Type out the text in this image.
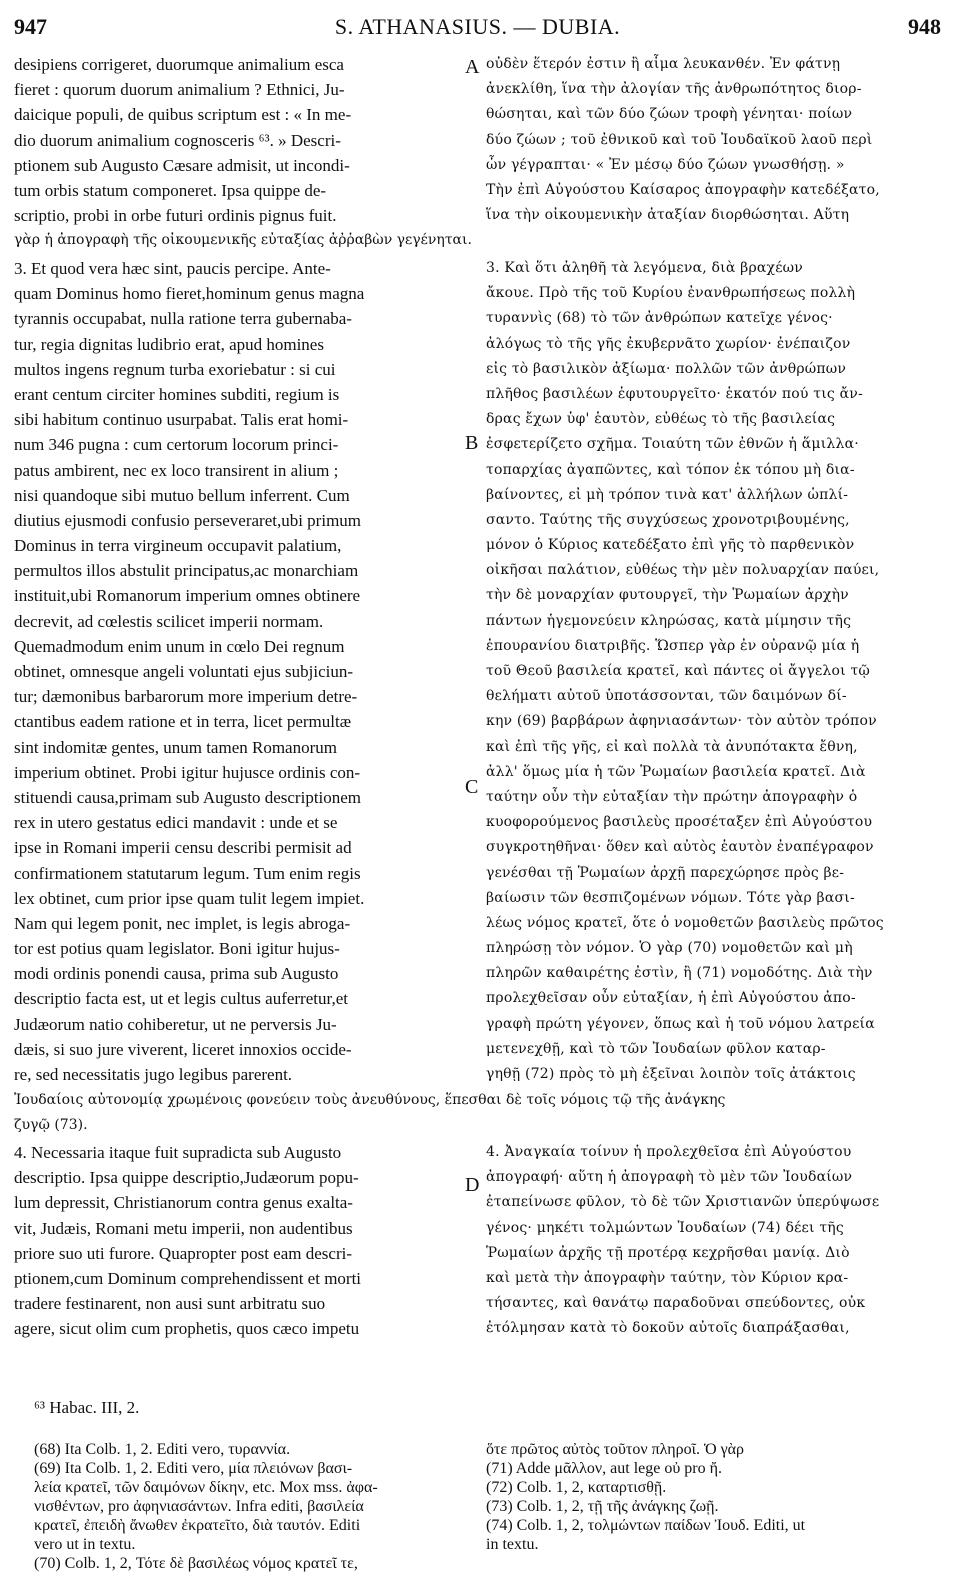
947	S. ATHANASIUS. — DUBIA.	948
A
B
C
D
desipiens corrigeret, duorumque animalium esca
fieret : quorum duorum animalium ? Ethnici, Ju-
daicique populi, de quibus scriptum est : « In me-
dio duorum animalium cognosceris ⁶³. » Descri-
ptionem sub Augusto Cæsare admisit, ut incondi-
tum orbis statum componeret. Ipsa quippe de-
scriptio, probi in orbe futuri ordinis pignus fuit.
οὐδὲν ἕτερόν ἐστιν ἢ αἷμα λευκανθέν. Ἐν φάτνῃ
ἀνεκλίθη, ἵνα τὴν ἀλογίαν τῆς ἀνθρωπότητος διορ-
θώσηται, καὶ τῶν δύο ζώων τροφὴ γένηται· ποίων
δύο ζώων ; τοῦ ἐθνικοῦ καὶ τοῦ Ἰουδαϊκοῦ λαοῦ περὶ
ὧν γέγραπται· « Ἐν μέσῳ δύο ζώων γνωσθήσῃ. »
Τὴν ἐπὶ Αὐγούστου Καίσαρος ἀπογραφὴν κατεδέξατο,
ἵνα τὴν οἰκουμενικὴν ἀταξίαν διορθώσηται. Αὕτη
γὰρ ἡ ἀπογραφὴ τῆς οἰκουμενικῆς εὐταξίας ἀῤῥαβὼν γεγένηται.
3. Et quod vera hæc sint, paucis percipe. Ante-
quam Dominus homo fieret,hominum genus magna
tyrannis occupabat, nulla ratione terra gubernaba-
tur, regia dignitas ludibrio erat, apud homines
multos ingens regnum turba exoriebatur : si cui
erant centum circiter homines subditi, regium is
sibi habitum continuo usurpabat. Talis erat homi-
num 346 pugna : cum certorum locorum princi-
patus ambirent, nec ex loco transirent in alium ;
nisi quandoque sibi mutuo bellum inferrent. Cum
diutius ejusmodi confusio perseveraret,ubi primum
Dominus in terra virgineum occupavit palatium,
permultos illos abstulit principatus,ac monarchiam
instituit,ubi Romanorum imperium omnes obtinere
decrevit, ad cœlestis scilicet imperii normam.
Quemadmodum enim unum in cœlo Dei regnum
obtinet, omnesque angeli voluntati ejus subjiciun-
tur; dæmonibus barbarorum more imperium detre-
ctantibus eadem ratione et in terra, licet permultæ
sint indomitæ gentes, unum tamen Romanorum
imperium obtinet. Probi igitur hujusce ordinis con-
stituendi causa,primam sub Augusto descriptionem
rex in utero gestatus edici mandavit : unde et se
ipse in Romani imperii censu describi permisit ad
confirmationem statutarum legum. Tum enim regis
lex obtinet, cum prior ipse quam tulit legem impiet.
Nam qui legem ponit, nec implet, is legis abroga-
tor est potius quam legislator. Boni igitur hujus-
modi ordinis ponendi causa, prima sub Augusto
descriptio facta est, ut et legis cultus auferretur,et
Judæorum natio cohiberetur, ut ne perversis Ju-
dæis, si suo jure viverent, liceret innoxios occide-
re, sed necessitatis jugo legibus parerent.
3. Καὶ ὅτι ἀληθῆ τὰ λεγόμενα, διὰ βραχέων
ἄκουε. Πρὸ τῆς τοῦ Κυρίου ἐνανθρωπήσεως πολλὴ
τυραννὶς (68) τὸ τῶν ἀνθρώπων κατεῖχε γένος·
ἀλόγως τὸ τῆς γῆς ἐκυβερνᾶτο χωρίον· ἐνέπαιζον
εἰς τὸ βασιλικὸν ἀξίωμα· πολλῶν τῶν ἀνθρώπων
πλῆθος βασιλέων ἐφυτουργεῖτο· ἑκατόν πού τις ἄν-
δρας ἔχων ὑφ' ἑαυτὸν, εὐθέως τὸ τῆς βασιλείας
ἐσφετερίζετο σχῆμα. Τοιαύτη τῶν ἐθνῶν ἡ ἅμιλλα·
τοπαρχίας ἀγαπῶντες, καὶ τόπον ἐκ τόπου μὴ δια-
βαίνοντες, εἰ μὴ τρόπον τινὰ κατ' ἀλλήλων ὡπλί-
σαντο. Ταύτης τῆς συγχύσεως χρονοτριβουμένης,
μόνον ὁ Κύριος κατεδέξατο ἐπὶ γῆς τὸ παρθενικὸν
οἰκῆσαι παλάτιον, εὐθέως τὴν μὲν πολυαρχίαν παύει,
τὴν δὲ μοναρχίαν φυτουργεῖ, τὴν Ῥωμαίων ἀρχὴν
πάντων ἡγεμονεύειν κληρώσας, κατὰ μίμησιν τῆς
ἐπουρανίου διατριβῆς. Ὥσπερ γὰρ ἐν οὐρανῷ μία ἡ
τοῦ Θεοῦ βασιλεία κρατεῖ, καὶ πάντες οἱ ἄγγελοι τῷ
θελήματι αὐτοῦ ὑποτάσσονται, τῶν δαιμόνων δί-
κην (69) βαρβάρων ἀφηνιασάντων· τὸν αὐτὸν τρόπον
καὶ ἐπὶ τῆς γῆς, εἰ καὶ πολλὰ τὰ ἀνυπότακτα ἔθνη,
ἀλλ' ὅμως μία ἡ τῶν Ῥωμαίων βασιλεία κρατεῖ. Διὰ
ταύτην οὖν τὴν εὐταξίαν τὴν πρώτην ἀπογραφὴν ὁ
κυοφορούμενος βασιλεὺς προσέταξεν ἐπὶ Αὐγούστου
συγκροτηθῆναι· ὅθεν καὶ αὐτὸς ἑαυτὸν ἐναπέγραφον
γενέσθαι τῇ Ῥωμαίων ἀρχῇ παρεχώρησε πρὸς βε-
βαίωσιν τῶν θεσπιζομένων νόμων. Τότε γὰρ βασι-
λέως νόμος κρατεῖ, ὅτε ὁ νομοθετῶν βασιλεὺς πρῶτος
πληρώσῃ τὸν νόμον. Ὁ γὰρ (70) νομοθετῶν καὶ μὴ
πληρῶν καθαιρέτης ἐστὶν, ἢ (71) νομοδότης. Διὰ τὴν
προλεχθεῖσαν οὖν εὐταξίαν, ἡ ἐπὶ Αὐγούστου ἀπο-
γραφὴ πρώτη γέγονεν, ὅπως καὶ ἡ τοῦ νόμου λατρεία
μετενεχθῇ, καὶ τὸ τῶν Ἰουδαίων φῦλον καταρ-
γηθῇ (72) πρὸς τὸ μὴ ἐξεῖναι λοιπὸν τοῖς ἀτάκτοις
Ἰουδαίοις αὐτονομίᾳ χρωμένοις φονεύειν τοὺς ἀνευθύνους, ἕπεσθαι δὲ τοῖς νόμοις τῷ τῆς ἀνάγκης
ζυγῷ (73).
4. Necessaria itaque fuit supradicta sub Augusto
descriptio. Ipsa quippe descriptio,Judæorum popu-
lum depressit, Christianorum contra genus exalta-
vit, Judæis, Romani metu imperii, non audentibus
priore suo uti furore. Quapropter post eam descri-
ptionem,cum Dominum comprehendissent et morti
tradere festinarent, non ausi sunt arbitratu suo
agere, sicut olim cum prophetis, quos cæco impetu
4. Ἀναγκαία τοίνυν ἡ προλεχθεῖσα ἐπὶ Αὐγούστου
ἀπογραφή· αὕτη ἡ ἀπογραφὴ τὸ μὲν τῶν Ἰουδαίων
ἐταπείνωσε φῦλον, τὸ δὲ τῶν Χριστιανῶν ὑπερύψωσε
γένος· μηκέτι τολμώντων Ἰουδαίων (74) δέει τῆς
Ῥωμαίων ἀρχῆς τῇ προτέρᾳ κεχρῆσθαι μανίᾳ. Διὸ
καὶ μετὰ τὴν ἀπογραφὴν ταύτην, τὸν Κύριον κρα-
τήσαντες, καὶ θανάτῳ παραδοῦναι σπεύδοντες, οὐκ
ἐτόλμησαν κατὰ τὸ δοκοῦν αὐτοῖς διαπράξασθαι,
⁶³ Habac. III, 2.
(68) Ita Colb. 1, 2. Editi vero, τυραννία.
(69) Ita Colb. 1, 2. Editi vero, μία πλειόνων βασι-
λεία κρατεῖ, τῶν δαιμόνων δίκην, etc. Mox mss. ἀφα-
νισθέντων, pro ἀφηνιασάντων. Infra editi, βασιλεία
κρατεῖ, ἐπειδὴ ἄνωθεν ἐκρατεῖτο, διὰ ταυτόν. Editi
vero ut in textu.
(70) Colb. 1, 2, Τότε δὲ βασιλέως νόμος κρατεῖ τε,
ὅτε πρῶτος αὐτὸς τοῦτον πληροῖ. Ὁ γὰρ
(71) Adde μᾶλλον, aut lege οὐ pro ἤ.
(72) Colb. 1, 2, καταρτισθῇ.
(73) Colb. 1, 2, τῇ τῆς ἀνάγκης ζωῇ.
(74) Colb. 1, 2, τολμώντων παίδων Ἰουδ. Editi, ut
in textu.
